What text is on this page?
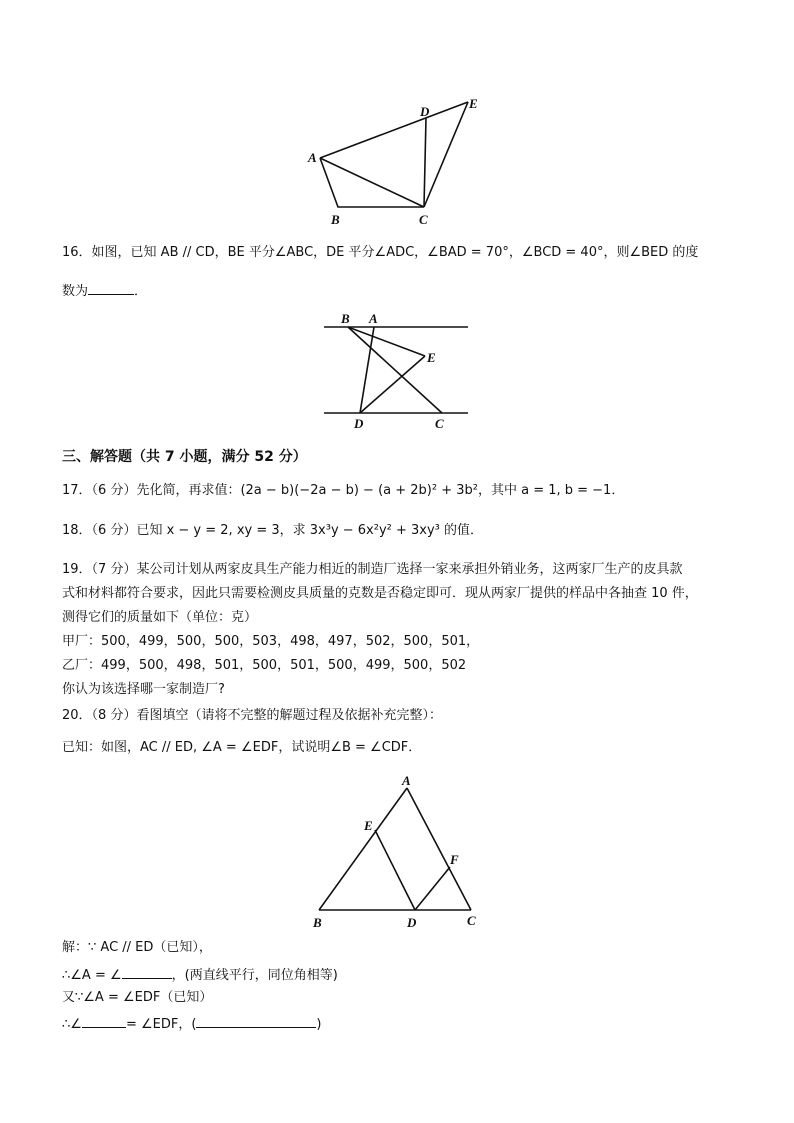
A
B	C
D
E
16．如图，已知 AB // CD，BE 平分∠ABC，DE 平分∠ADC，∠BAD = 70°，∠BCD = 40°，则∠BED 的度
数为	．
B A
E
D	C
三、解答题（共 7 小题，满分 52 分）
17．（6 分）先化简，再求值：(2a − b)(−2a − b) − (a + 2b)² + 3b²，其中 a = 1, b = −1．
18．（6 分）已知 x − y = 2, xy = 3，求 3x³y − 6x²y² + 3xy³ 的值．
19．（7 分）某公司计划从两家皮具生产能力相近的制造厂选择一家来承担外销业务，这两家厂生产的皮具款
式和材料都符合要求，因此只需要检测皮具质量的克数是否稳定即可．现从两家厂提供的样品中各抽查 10 件，
测得它们的质量如下（单位：克）
甲厂：500，499，500，500，503，498，497，502，500，501，
乙厂：499，500，498，501，500，501，500，499，500，502
你认为该选择哪一家制造厂?
20．（8 分）看图填空（请将不完整的解题过程及依据补充完整）：
已知：如图，AC // ED, ∠A = ∠EDF，试说明∠B = ∠CDF．
A
E
F
B	D	C
解：∵ AC // ED（已知），
∴∠A = ∠	，(两直线平行，同位角相等)
又∵∠A = ∠EDF（已知）
∴∠	= ∠EDF，(	)
